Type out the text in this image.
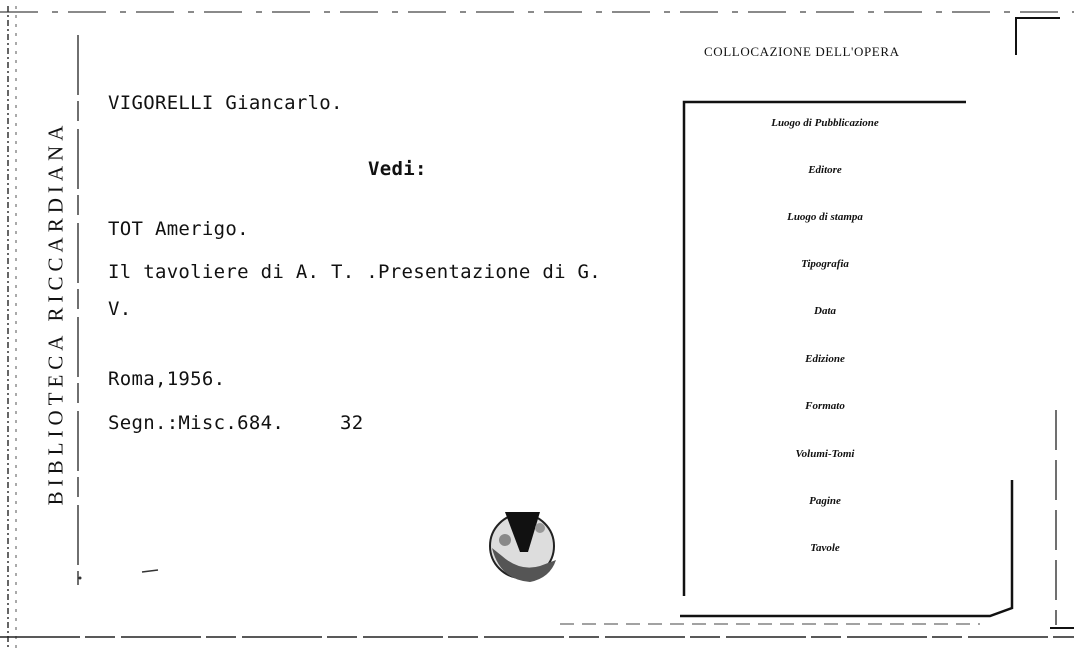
BIBLIOTECA RICCARDIANA
VIGORELLI Giancarlo.
Vedi:
TOT Amerigo.
Il tavoliere di A. T. .Presentazione di G.
V.
Roma,1956.
Segn.:Misc.684.	32
COLLOCAZIONE DELL'OPERA
Luogo di Pubblicazione
Editore
Luogo di stampa
Tipografia
Data
Edizione
Formato
Volumi-Tomi
Pagine
Tavole
